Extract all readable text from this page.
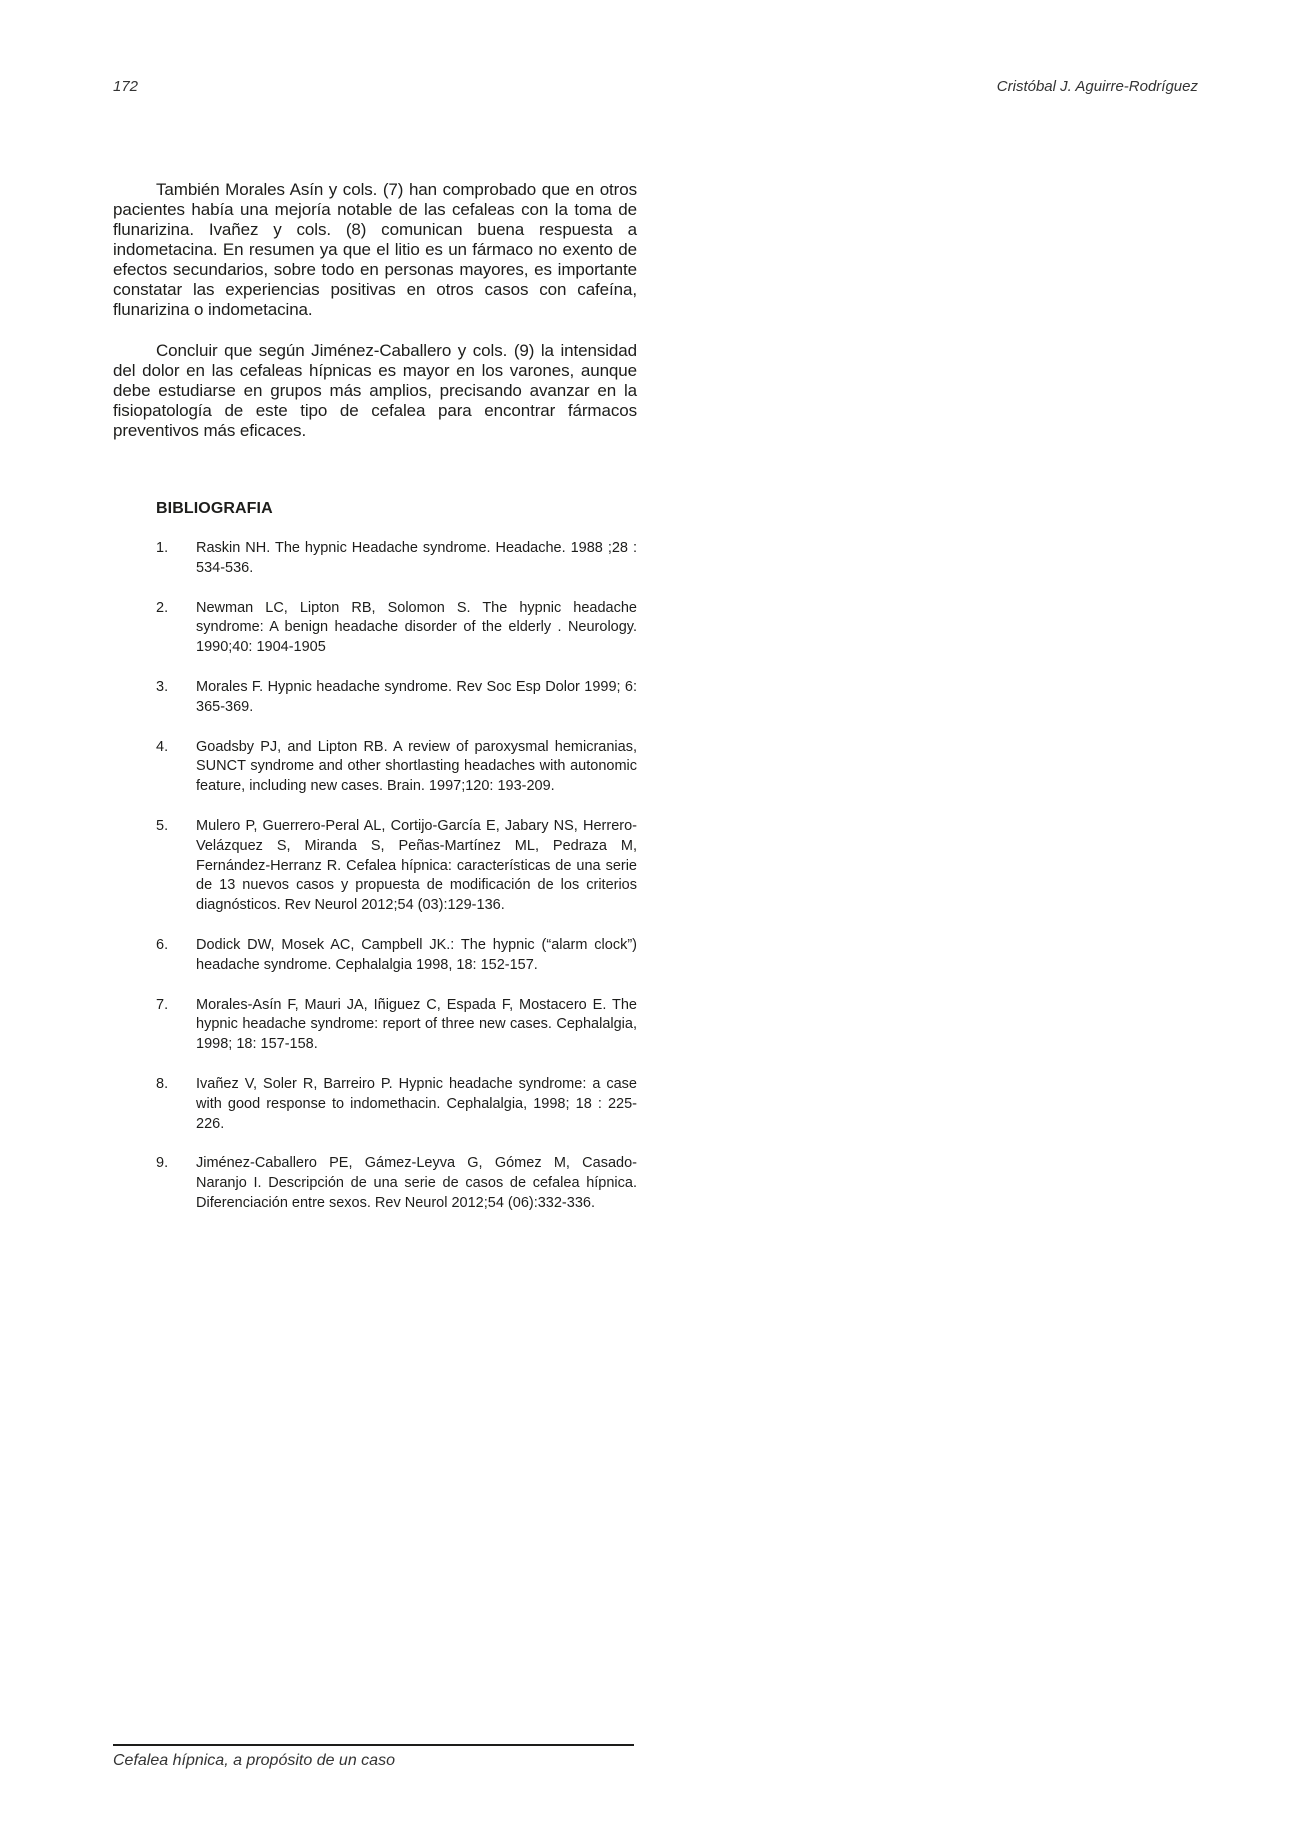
172	Cristóbal J. Aguirre-Rodríguez

También Morales Asín y cols. (7) han comprobado que en otros pacientes había una mejoría notable de las cefaleas con la toma de flunarizina. Ivañez y cols. (8) comunican buena respuesta a indometacina. En resumen ya que el litio es un fármaco no exento de efectos secundarios, sobre todo en personas mayores, es importante constatar las experiencias positivas en otros casos con cafeína, flunarizina o indometacina.

Concluir que según Jiménez-Caballero y cols. (9) la intensidad del dolor en las cefaleas hípnicas es mayor en los varones, aunque debe estudiarse en grupos más amplios, precisando avanzar en la fisiopatología de este tipo de cefalea para encontrar fármacos preventivos más eficaces.

BIBLIOGRAFIA
1.	Raskin NH. The hypnic Headache syndrome. Headache. 1988 ;28 : 534-536.
2.	Newman LC, Lipton RB, Solomon S. The hypnic headache syndrome: A benign headache disorder of the elderly . Neurology. 1990;40: 1904-1905
3.	Morales F. Hypnic headache syndrome. Rev Soc Esp Dolor 1999; 6: 365-369.
4.	Goadsby PJ, and Lipton RB. A review of paroxysmal hemicranias, SUNCT syndrome and other shortlasting headaches with autonomic feature, including new cases. Brain. 1997;120: 193-209.
5.	Mulero P, Guerrero-Peral AL, Cortijo-García E, Jabary NS, Herrero-Velázquez S, Miranda S, Peñas-Martínez ML, Pedraza M, Fernández-Herranz R. Cefalea hípnica: características de una serie de 13 nuevos casos y propuesta de modificación de los criterios diagnósticos. Rev Neurol 2012;54 (03):129-136.
6.	Dodick DW, Mosek AC, Campbell JK.: The hypnic (“alarm clock”) headache syndrome. Cephalalgia 1998, 18: 152-157.
7.	Morales-Asín F, Mauri JA, Iñiguez C, Espada F, Mostacero E. The hypnic headache syndrome: report of three new cases. Cephalalgia, 1998; 18: 157-158.
8.	Ivañez V, Soler R, Barreiro P. Hypnic headache syndrome: a case with good response to indomethacin. Cephalalgia, 1998; 18 : 225-226.
9.	Jiménez-Caballero PE, Gámez-Leyva G, Gómez M, Casado-Naranjo I. Descripción de una serie de casos de cefalea hípnica. Diferenciación entre sexos. Rev Neurol 2012;54 (06):332-336.
Cefalea hípnica, a propósito de un caso
